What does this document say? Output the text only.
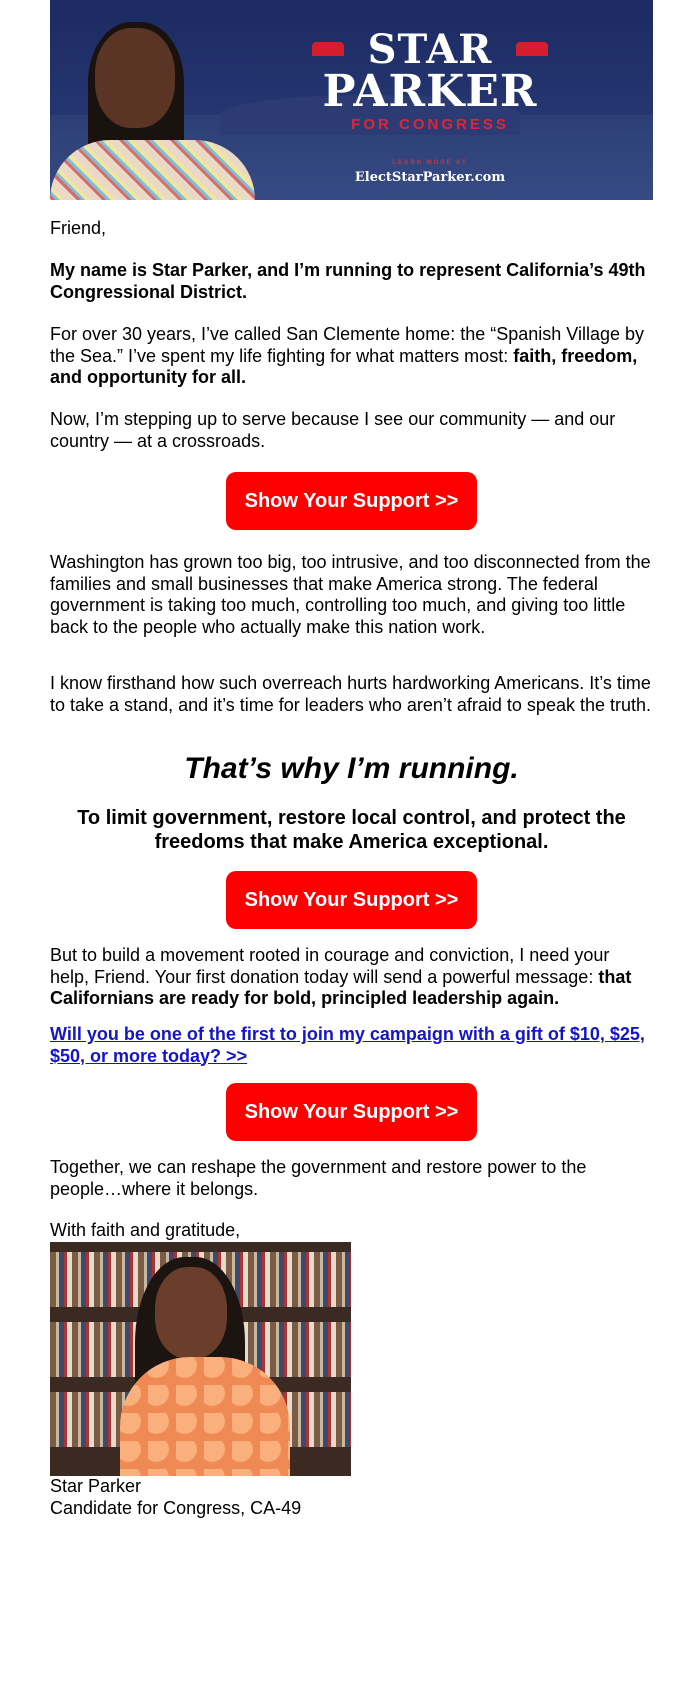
STAR
PARKER
FOR CONGRESS
LEARN MORE AT
ElectStarParker.com

Friend,

My name is Star Parker, and I’m running to represent California’s 49th Congressional District.

For over 30 years, I’ve called San Clemente home: the “Spanish Village by the Sea.” I’ve spent my life fighting for what matters most: faith, freedom, and opportunity for all.

Now, I’m stepping up to serve because I see our community — and our country — at a crossroads.

Show Your Support >>

Washington has grown too big, too intrusive, and too disconnected from the families and small businesses that make America strong. The federal government is taking too much, controlling too much, and giving too little back to the people who actually make this nation work.

I know firsthand how such overreach hurts hardworking Americans. It’s time to take a stand, and it’s time for leaders who aren’t afraid to speak the truth.

That’s why I’m running.
To limit government, restore local control, and protect the freedoms that make America exceptional.
Show Your Support >>

But to build a movement rooted in courage and conviction, I need your help, Friend. Your first donation today will send a powerful message: that Californians are ready for bold, principled leadership again.

Will you be one of the first to join my campaign with a gift of $10, $25, $50, or more today? >>

Show Your Support >>

Together, we can reshape the government and restore power to the people…where it belongs.

With faith and gratitude,

Star Parker

Candidate for Congress, CA-49
